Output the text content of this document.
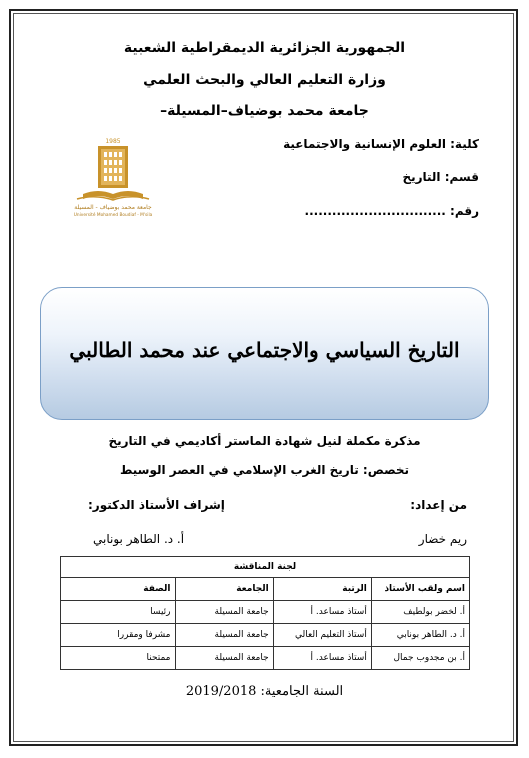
الجمهورية الجزائرية الديمقراطية الشعبية
وزارة التعليم العالي والبحث العلمي
جامعة محمد بوضياف–المسيلة–
كلية: العلوم الإنسانية والاجتماعية
قسم: التاريخ
رقم: ...............................
1985
جامعة محمد بوضياف - المسيلة
Université Mohamed Boudiaf - M'sila
التاريخ السياسي والاجتماعي عند محمد الطالبي
مذكرة مكملة لنيل شهادة الماستر أكاديمي في التاريخ
تخصص: تاريخ الغرب الإسلامي في العصر الوسيط
من إعداد:
إشراف الأستاذ الدكتور:
ريم خضار
أ. د. الطاهر بونابي
لجنة المناقشة			
الصفة	الجامعة	الرتبة	اسم ولقب الأستاذ
رئيسا	جامعة المسيلة	أستاذ مساعد. أ	أ. لخضر بولطيف
مشرفا ومقررا	جامعة المسيلة	أستاذ التعليم العالي	أ. د. الطاهر بونابي
ممتحنا	جامعة المسيلة	أستاذ مساعد. أ	أ. بن مجدوب جمال
السنة الجامعية: 2019/2018
